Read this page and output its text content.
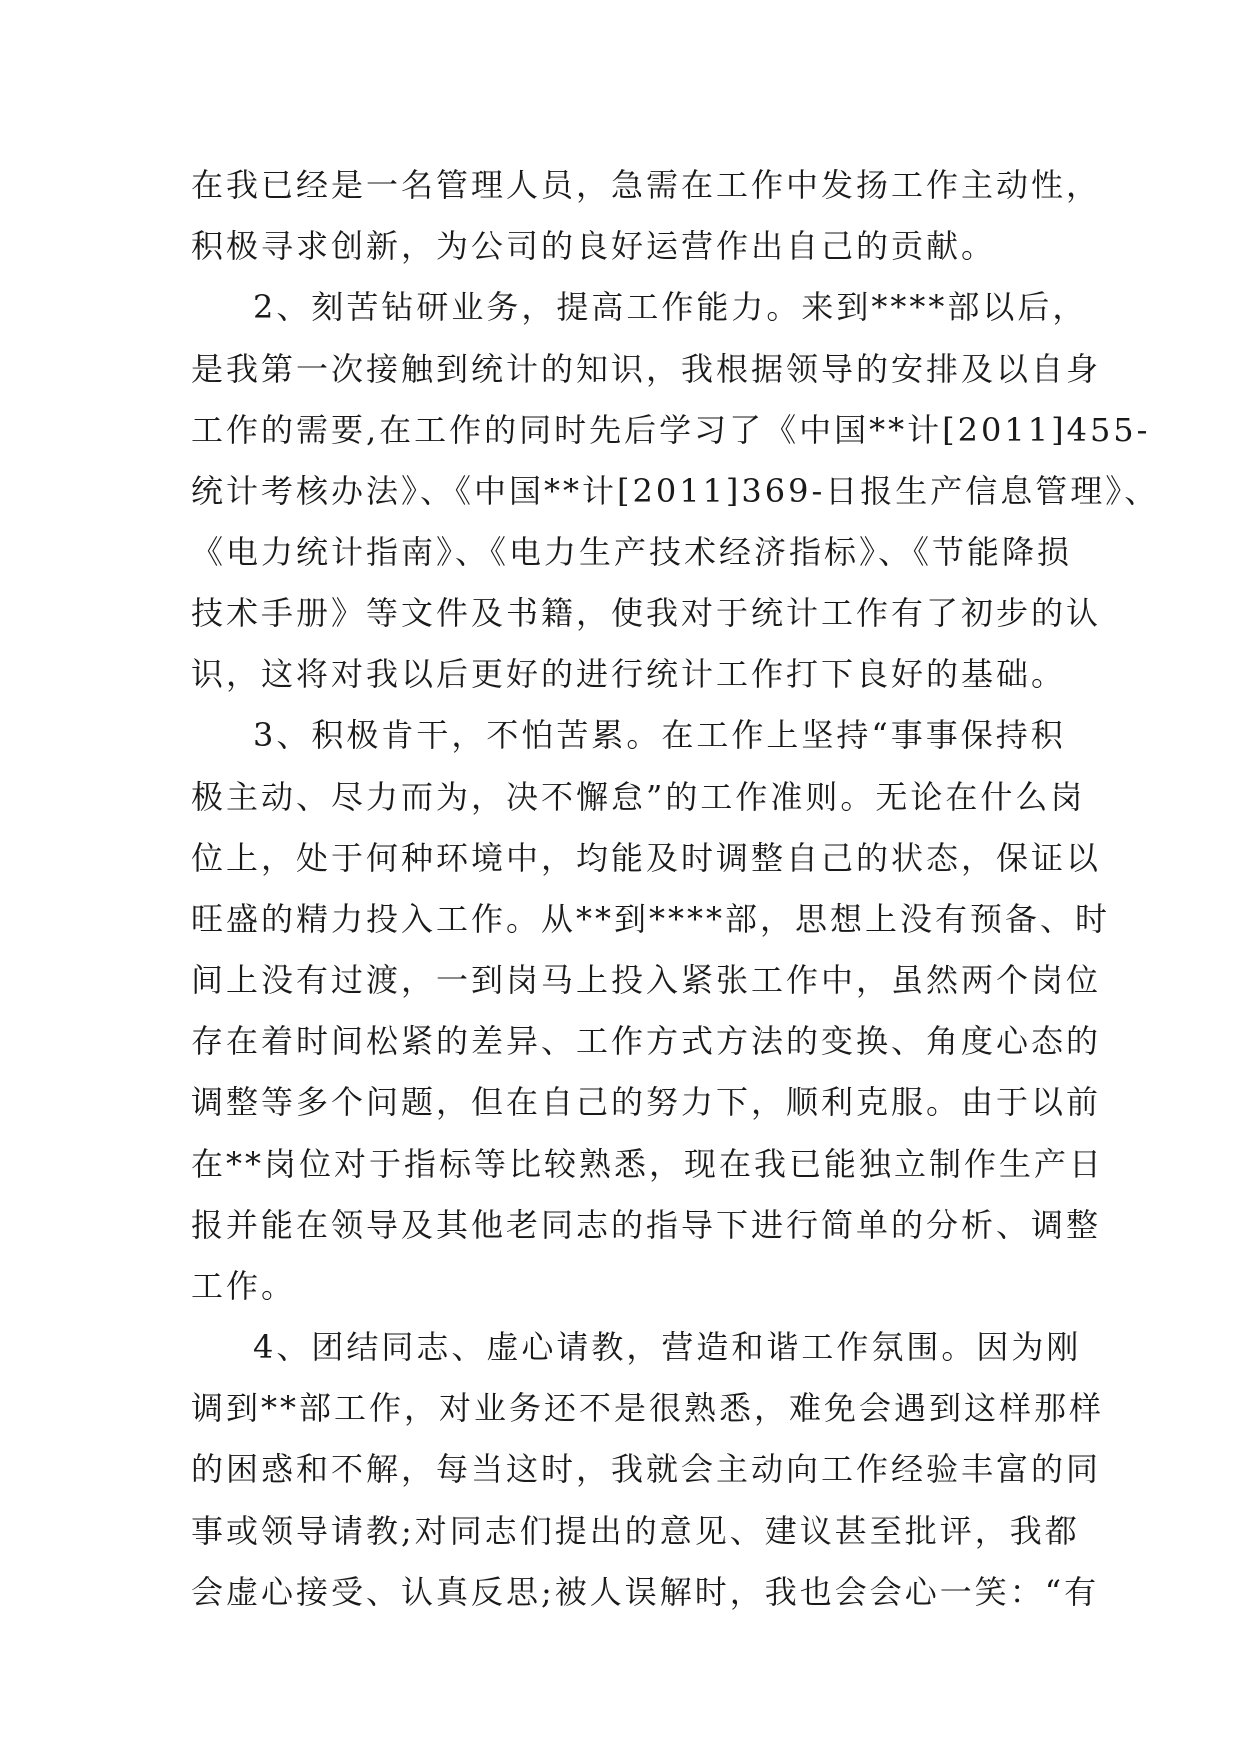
在我已经是一名管理人员，急需在工作中发扬工作主动性，
积极寻求创新，为公司的良好运营作出自己的贡献。
2、刻苦钻研业务，提高工作能力。来到****部以后，
是我第一次接触到统计的知识，我根据领导的安排及以自身
工作的需要,在工作的同时先后学习了《中国**计[2011]455-
统计考核办法》、《中国**计[2011]369-日报生产信息管理》、
《电力统计指南》、《电力生产技术经济指标》、《节能降损
技术手册》等文件及书籍，使我对于统计工作有了初步的认
识，这将对我以后更好的进行统计工作打下良好的基础。
3、积极肯干，不怕苦累。在工作上坚持“事事保持积
极主动、尽力而为，决不懈怠”的工作准则。无论在什么岗
位上，处于何种环境中，均能及时调整自己的状态，保证以
旺盛的精力投入工作。从**到****部，思想上没有预备、时
间上没有过渡，一到岗马上投入紧张工作中，虽然两个岗位
存在着时间松紧的差异、工作方式方法的变换、角度心态的
调整等多个问题，但在自己的努力下，顺利克服。由于以前
在**岗位对于指标等比较熟悉，现在我已能独立制作生产日
报并能在领导及其他老同志的指导下进行简单的分析、调整
工作。
4、团结同志、虚心请教，营造和谐工作氛围。因为刚
调到**部工作，对业务还不是很熟悉，难免会遇到这样那样
的困惑和不解，每当这时，我就会主动向工作经验丰富的同
事或领导请教;对同志们提出的意见、建议甚至批评，我都
会虚心接受、认真反思;被人误解时，我也会会心一笑：“有
